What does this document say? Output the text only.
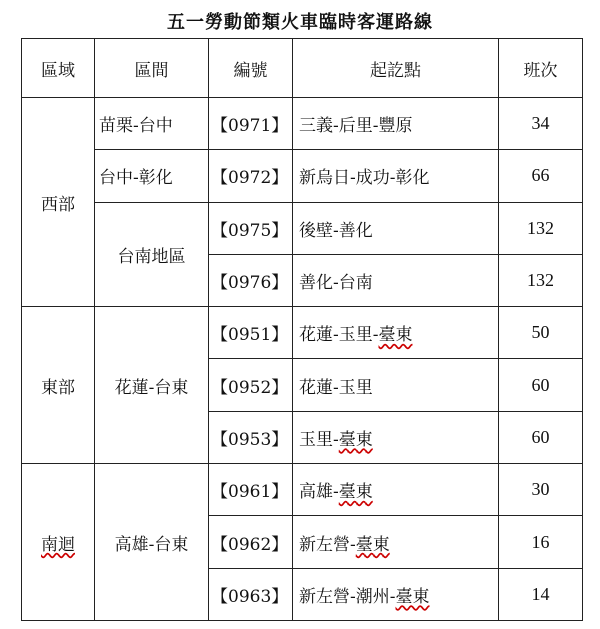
五一勞動節類火車臨時客運路線
區域	區間	編號	起訖點	班次
西部	苗栗-台中	【0971】	三義-后里-豐原	34
	台中-彰化	【0972】	新烏日-成功-彰化	66
	台南地區	【0975】	後壁-善化	132
		【0976】	善化-台南	132
東部	花蓮-台東	【0951】	花蓮-玉里-臺東	50
		【0952】	花蓮-玉里	60
		【0953】	玉里-臺東	60
南迴	高雄-台東	【0961】	高雄-臺東	30
		【0962】	新左營-臺東	16
		【0963】	新左營-潮州-臺東	14
